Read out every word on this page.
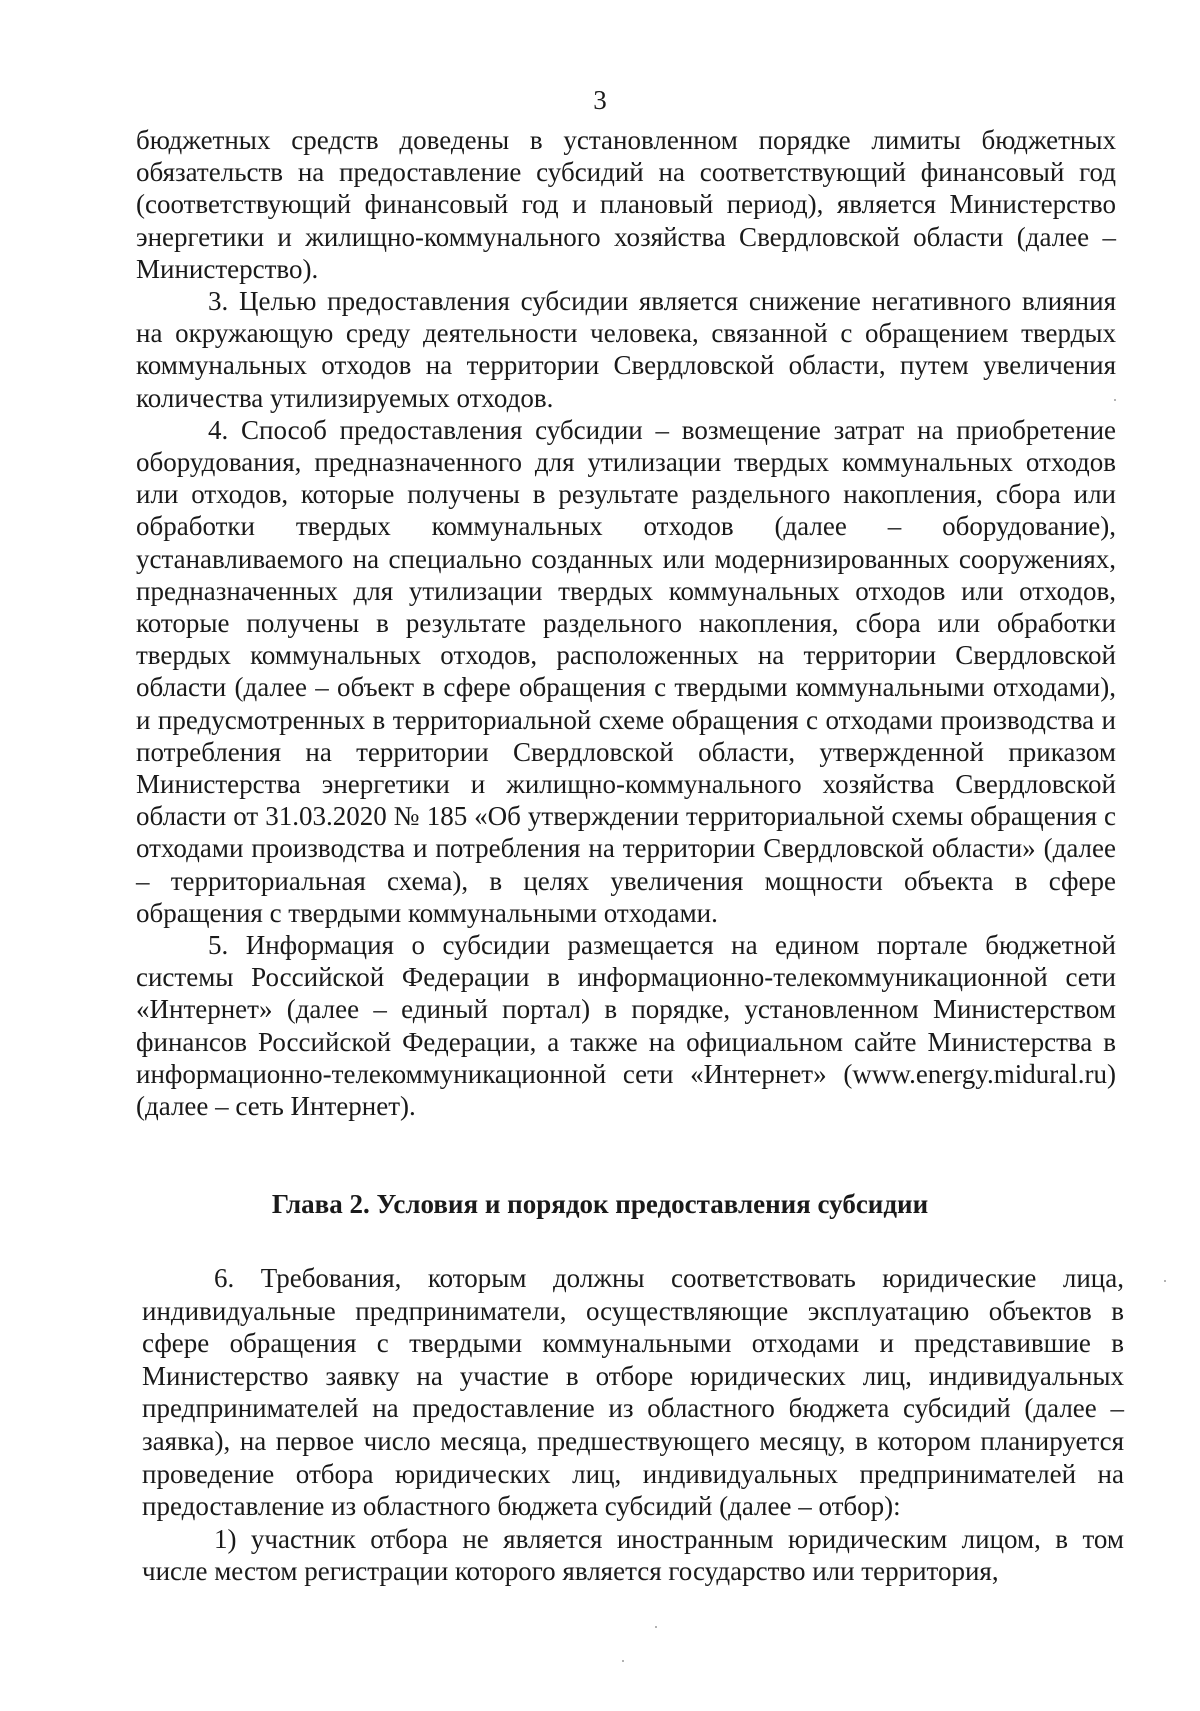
3

бюджетных средств доведены в установленном порядке лимиты бюджетных обязательств на предоставление субсидий на соответствующий финансовый год (соответствующий финансовый год и плановый период), является Министерство энергетики и жилищно-коммунального хозяйства Свердловской области (далее – Министерство).

3. Целью предоставления субсидии является снижение негативного влияния на окружающую среду деятельности человека, связанной с обращением твердых коммунальных отходов на территории Свердловской области, путем увеличения количества утилизируемых отходов.

4. Способ предоставления субсидии – возмещение затрат на приобретение оборудования, предназначенного для утилизации твердых коммунальных отходов или отходов, которые получены в результате раздельного накопления, сбора или обработки твердых коммунальных отходов (далее – оборудование), устанавливаемого на специально созданных или модернизированных сооружениях, предназначенных для утилизации твердых коммунальных отходов или отходов, которые получены в результате раздельного накопления, сбора или обработки твердых коммунальных отходов, расположенных на территории Свердловской области (далее – объект в сфере обращения с твердыми коммунальными отходами), и предусмотренных в территориальной схеме обращения с отходами производства и потребления на территории Свердловской области, утвержденной приказом Министерства энергетики и жилищно-коммунального хозяйства Свердловской области от 31.03.2020 № 185 «Об утверждении территориальной схемы обращения с отходами производства и потребления на территории Свердловской области» (далее – территориальная схема), в целях увеличения мощности объекта в сфере обращения с твердыми коммунальными отходами.

5. Информация о субсидии размещается на едином портале бюджетной системы Российской Федерации в информационно-телекоммуникационной сети «Интернет» (далее – единый портал) в порядке, установленном Министерством финансов Российской Федерации, а также на официальном сайте Министерства в информационно-телекоммуникационной сети «Интернет» (www.energy.midural.ru) (далее – сеть Интернет).

Глава 2. Условия и порядок предоставления субсидии

6. Требования, которым должны соответствовать юридические лица, индивидуальные предприниматели, осуществляющие эксплуатацию объектов в сфере обращения с твердыми коммунальными отходами и представившие в Министерство заявку на участие в отборе юридических лиц, индивидуальных предпринимателей на предоставление из областного бюджета субсидий (далее – заявка), на первое число месяца, предшествующего месяцу, в котором планируется проведение отбора юридических лиц, индивидуальных предпринимателей на предоставление из областного бюджета субсидий (далее – отбор):

1) участник отбора не является иностранным юридическим лицом, в том числе местом регистрации которого является государство или территория,
